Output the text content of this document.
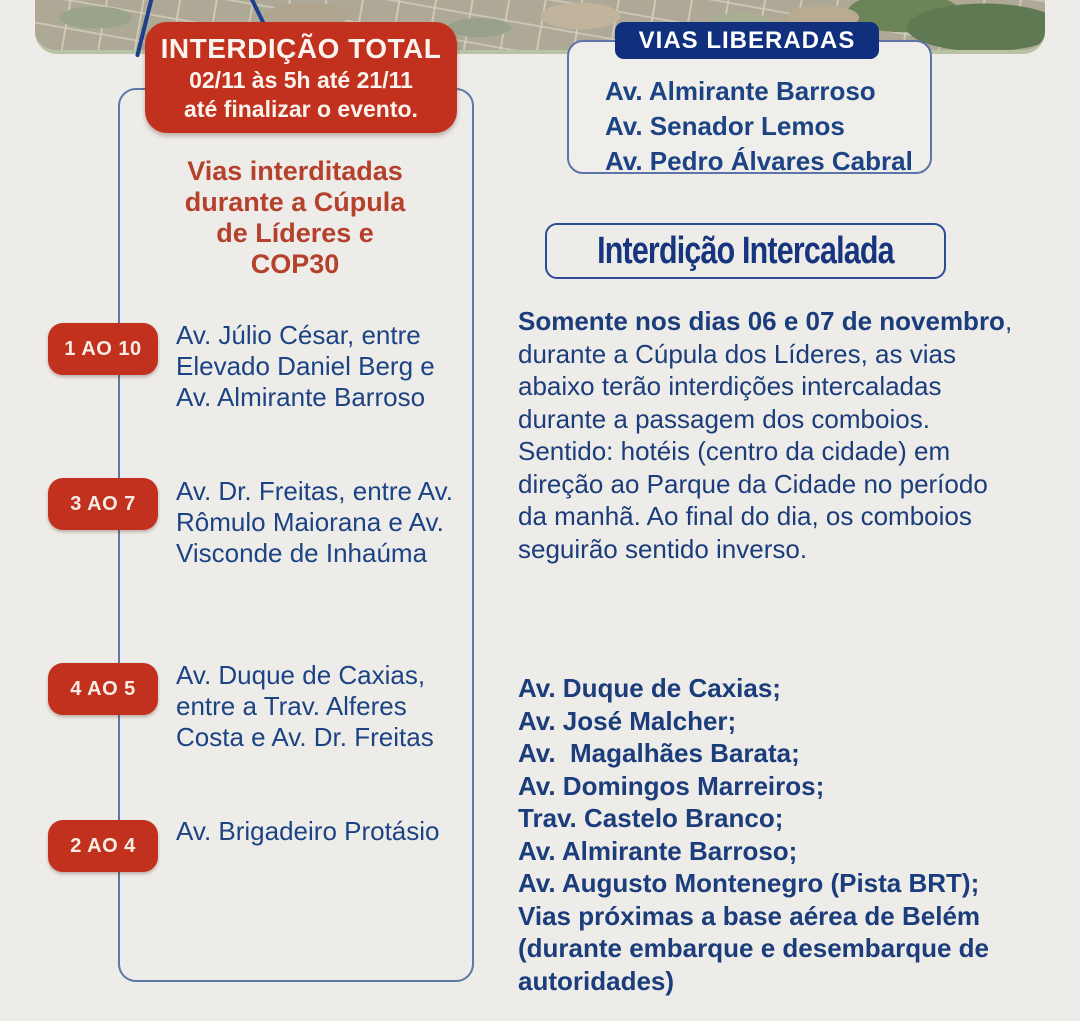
INTERDIÇÃO TOTAL
02/11 às 5h até 21/11
até finalizar o evento.
Vias interditadas
durante a Cúpula
de Líderes e
COP30
1 AO 10	Av. Júlio César, entre Elevado Daniel Berg e Av. Almirante Barroso
3 AO 7	Av. Dr. Freitas, entre Av. Rômulo Maiorana e Av. Visconde de Inhaúma
4 AO 5	Av. Duque de Caxias, entre a Trav. Alferes Costa e Av. Dr. Freitas
2 AO 4	Av. Brigadeiro Protásio
VIAS LIBERADAS
Av. Almirante Barroso
Av. Senador Lemos
Av. Pedro Álvares Cabral
Interdição Intercalada
Somente nos dias 06 e 07 de novembro, durante a Cúpula dos Líderes, as vias abaixo terão interdições intercaladas durante a passagem dos comboios. Sentido: hotéis (centro da cidade) em direção ao Parque da Cidade no período da manhã. Ao final do dia, os comboios seguirão sentido inverso.
Av. Duque de Caxias;
Av. José Malcher;
Av.  Magalhães Barata;
Av. Domingos Marreiros;
Trav. Castelo Branco;
Av. Almirante Barroso;
Av. Augusto Montenegro (Pista BRT);
Vias próximas a base aérea de Belém (durante embarque e desembarque de autoridades)
